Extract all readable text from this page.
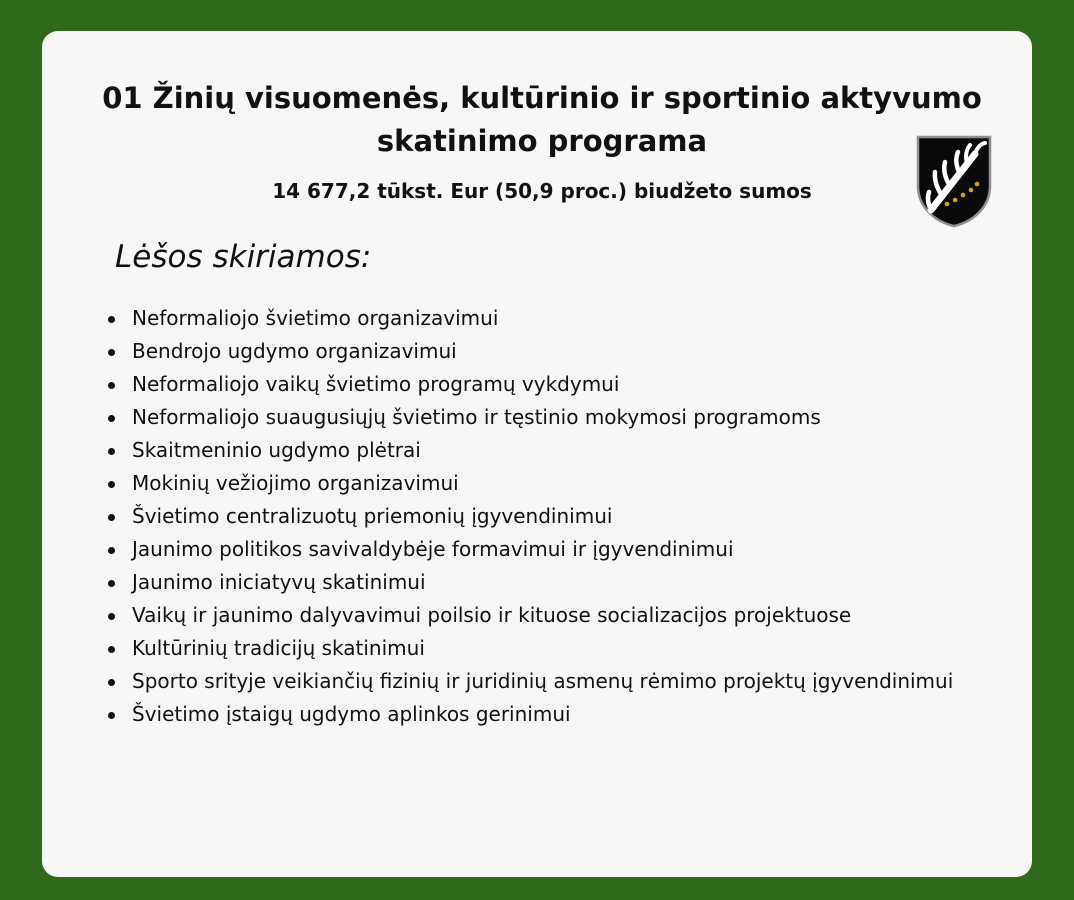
01 Žinių visuomenės, kultūrinio ir sportinio aktyvumo skatinimo programa
14 677,2 tūkst. Eur (50,9 proc.) biudžeto sumos
Lėšos skiriamos:
Neformaliojo švietimo organizavimui
Bendrojo ugdymo organizavimui
Neformaliojo vaikų švietimo programų vykdymui
Neformaliojo suaugusiųjų švietimo ir tęstinio mokymosi programoms
Skaitmeninio ugdymo plėtrai
Mokinių vežiojimo organizavimui
Švietimo centralizuotų priemonių įgyvendinimui
Jaunimo politikos savivaldybėje formavimui ir įgyvendinimui
Jaunimo iniciatyvų skatinimui
Vaikų ir jaunimo dalyvavimui poilsio ir kituose socializacijos projektuose
Kultūrinių tradicijų skatinimui
Sporto srityje veikiančių fizinių ir juridinių asmenų rėmimo projektų įgyvendinimui
Švietimo įstaigų ugdymo aplinkos gerinimui
